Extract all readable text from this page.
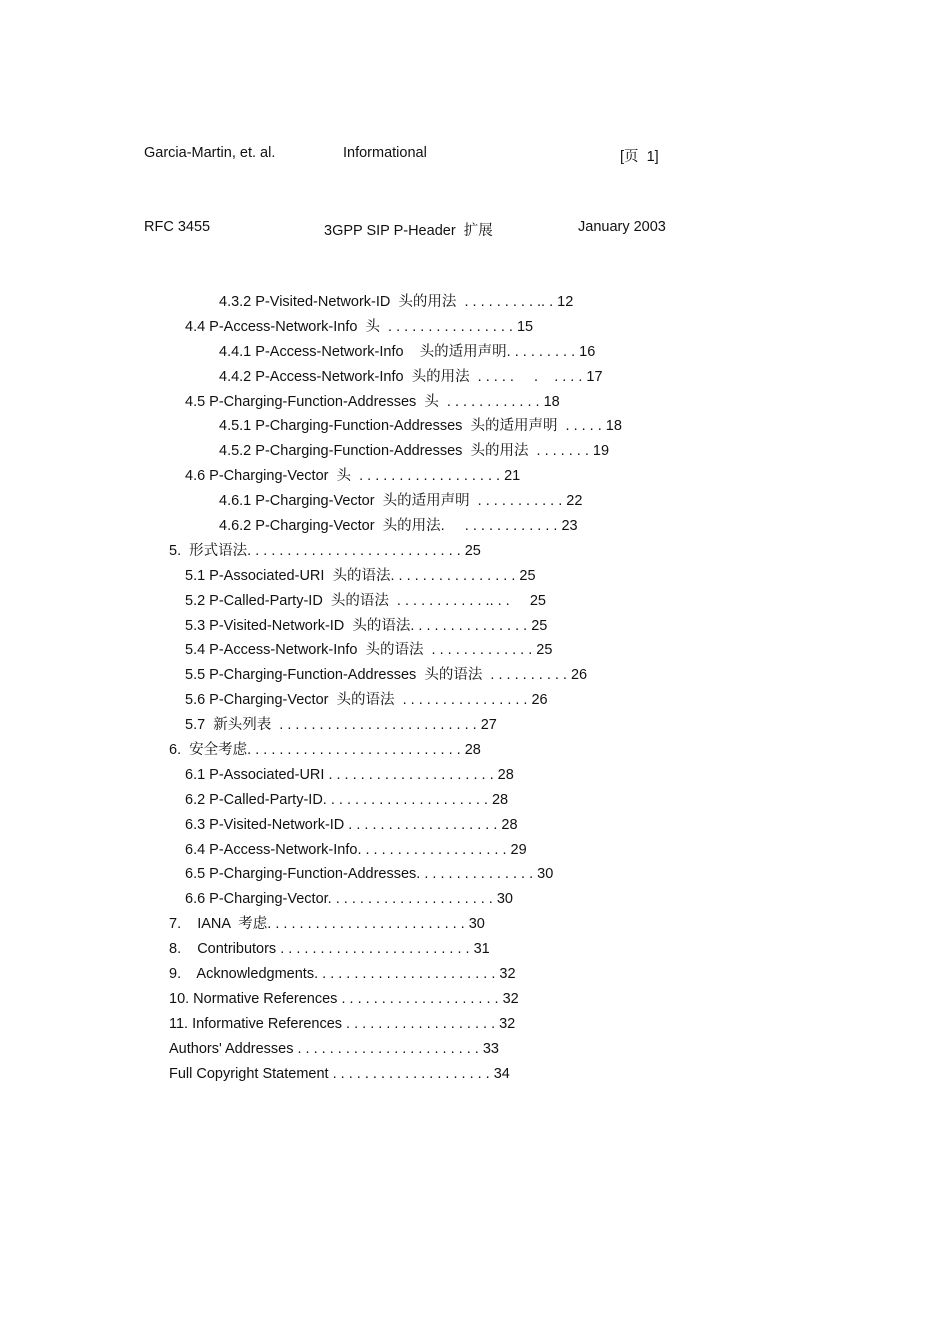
Garcia-Martin, et. al.	Informational	[页  1]
RFC 3455	3GPP SIP P-Header  扩展	January 2003
4.3.2 P-Visited-Network-ID  头的用法  . . . . . . . . . .. . 12
4.4 P-Access-Network-Info  头  . . . . . . . . . . . . . . . . 15
4.4.1 P-Access-Network-Info    头的适用声明. . . . . . . . . 16
4.4.2 P-Access-Network-Info  头的用法  . . . . .     .    . . . . 17
4.5 P-Charging-Function-Addresses  头  . . . . . . . . . . . . 18
4.5.1 P-Charging-Function-Addresses  头的适用声明  . . . . . 18
4.5.2 P-Charging-Function-Addresses  头的用法  . . . . . . . 19
4.6 P-Charging-Vector  头  . . . . . . . . . . . . . . . . . . 21
4.6.1 P-Charging-Vector  头的适用声明  . . . . . . . . . . . 22
4.6.2 P-Charging-Vector  头的用法.     . . . . . . . . . . . . 23
5.  形式语法. . . . . . . . . . . . . . . . . . . . . . . . . . . 25
5.1 P-Associated-URI  头的语法. . . . . . . . . . . . . . . . 25
5.2 P-Called-Party-ID  头的语法  . . . . . . . . . . . .. . .     25
5.3 P-Visited-Network-ID  头的语法. . . . . . . . . . . . . . . 25
5.4 P-Access-Network-Info  头的语法  . . . . . . . . . . . . . 25
5.5 P-Charging-Function-Addresses  头的语法  . . . . . . . . . . 26
5.6 P-Charging-Vector  头的语法  . . . . . . . . . . . . . . . . 26
5.7  新头列表  . . . . . . . . . . . . . . . . . . . . . . . . . 27
6.  安全考虑. . . . . . . . . . . . . . . . . . . . . . . . . . . 28
6.1 P-Associated-URI . . . . . . . . . . . . . . . . . . . . . 28
6.2 P-Called-Party-ID. . . . . . . . . . . . . . . . . . . . . 28
6.3 P-Visited-Network-ID . . . . . . . . . . . . . . . . . . . 28
6.4 P-Access-Network-Info. . . . . . . . . . . . . . . . . . . 29
6.5 P-Charging-Function-Addresses. . . . . . . . . . . . . . . 30
6.6 P-Charging-Vector. . . . . . . . . . . . . . . . . . . . . 30
7.    IANA  考虑. . . . . . . . . . . . . . . . . . . . . . . . . 30
8.    Contributors . . . . . . . . . . . . . . . . . . . . . . . . 31
9.    Acknowledgments. . . . . . . . . . . . . . . . . . . . . . . 32
10. Normative References . . . . . . . . . . . . . . . . . . . . 32
11. Informative References . . . . . . . . . . . . . . . . . . . 32
Authors' Addresses . . . . . . . . . . . . . . . . . . . . . . . 33
Full Copyright Statement . . . . . . . . . . . . . . . . . . . . 34
